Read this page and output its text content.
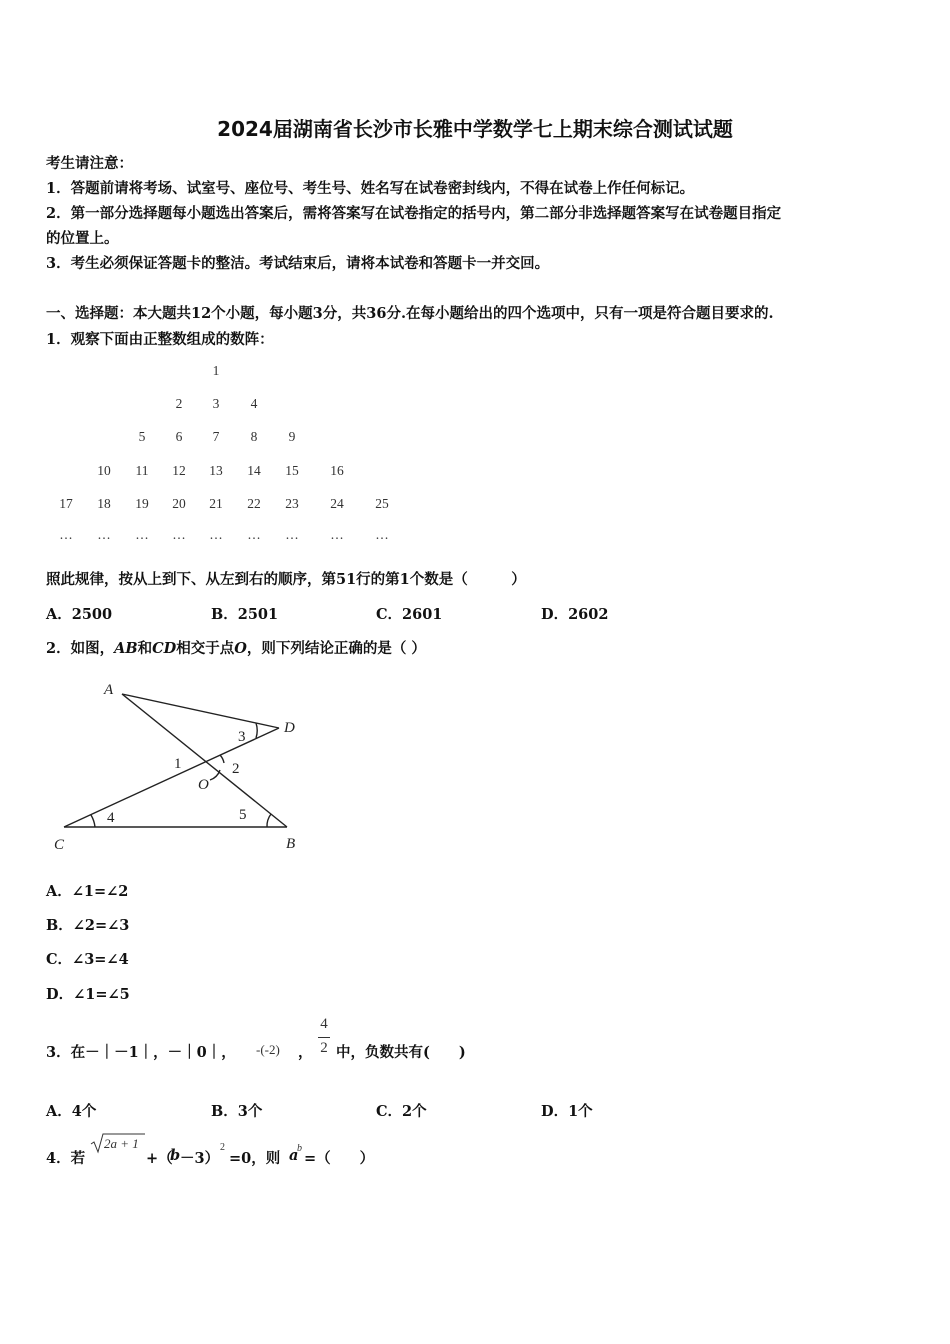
2024届湖南省长沙市长雅中学数学七上期末综合测试试题
考生请注意：
1．答题前请将考场、试室号、座位号、考生号、姓名写在试卷密封线内，不得在试卷上作任何标记。
2．第一部分选择题每小题选出答案后，需将答案写在试卷指定的括号内，第二部分非选择题答案写在试卷题目指定
的位置上。
3．考生必须保证答题卡的整洁。考试结束后，请将本试卷和答题卡一并交回。
一、选择题：本大题共12个小题，每小题3分，共36分.在每小题给出的四个选项中，只有一项是符合题目要求的.
1．观察下面由正整数组成的数阵：
1
2	3	4
5	6	7	8	9
10	11	12	13	14	15	16
17	18	19	20	21	22	23	24	25
…	…	…	…	…	…	…	…	…
照此规律，按从上到下、从左到右的顺序，第51行的第1个数是（　　　）
A．2500	B．2501	C．2601	D．2602
2．如图，AB和CD相交于点O，则下列结论正确的是（ ）
A
D
O
C	B
1	2
3
4	5
A．∠1=∠2
B．∠2=∠3
C．∠3=∠4
D．∠1=∠5
3．在－｜－1｜，－｜0｜， -(-2) ，
4
2 中，负数共有(　　)
A．4个	B．3个	C．2个	D．1个
4．若
2a + 1
+（
b －3）
2
=0，则 a
b
=（　　）
